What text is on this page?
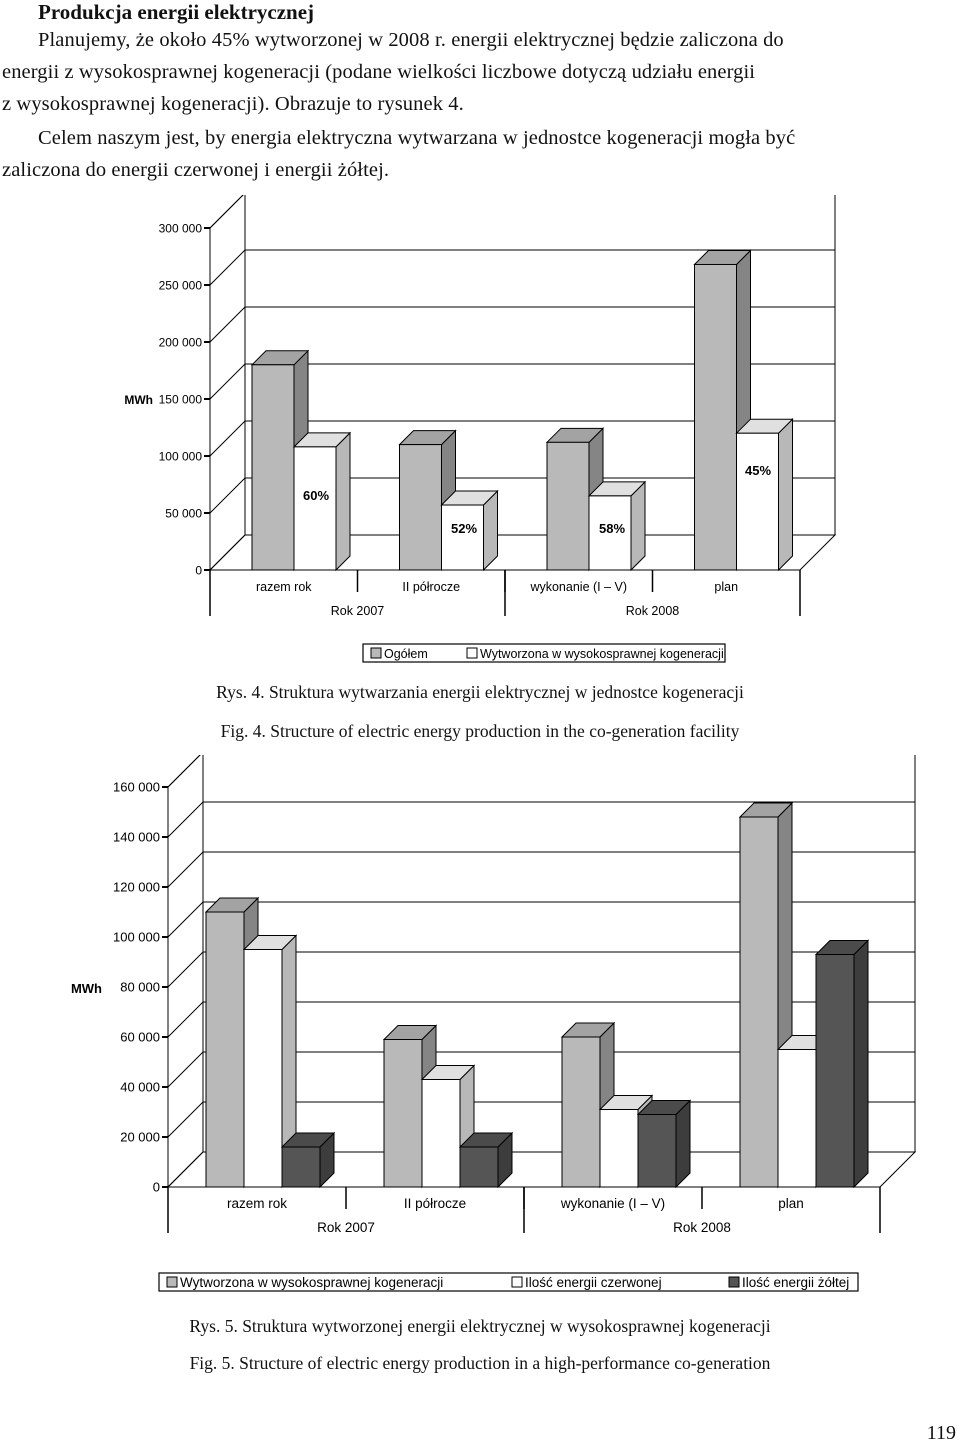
Produkcja energii elektrycznej
Planujemy, że około 45% wytworzonej w 2008 r. energii elektrycznej będzie zaliczona do
energii z wysokosprawnej kogeneracji (podane wielkości liczbowe dotyczą udziału energii
z wysokosprawnej kogeneracji). Obrazuje to rysunek 4.
Celem naszym jest, by energia elektryczna wytwarzana w jednostce kogeneracji mogła być
zaliczona do energii czerwonej i energii żółtej.
0
50 000
100 000
150 000
200 000
250 000
300 000
MWh
razem rok	II półrocze	wykonanie (I – V)	plan
60%
52%	58%
45%
Rok 2007	Rok 2008
Ogółem	Wytworzona w wysokosprawnej kogeneracji
Rys. 4. Struktura wytwarzania energii elektrycznej w jednostce kogeneracji
Fig. 4. Structure of electric energy production in the co-generation facility
0
20 000
40 000
60 000
80 000
100 000
120 000
140 000
160 000
MWh
razem rok	II półrocze	wykonanie (I – V)	plan
Rok 2007	Rok 2008
Wytworzona w wysokosprawnej kogeneracji	Ilość energii czerwonej	Ilość energii żółtej
Rys. 5. Struktura wytworzonej energii elektrycznej w wysokosprawnej kogeneracji
Fig. 5. Structure of electric energy production in a high-performance co-generation
119
